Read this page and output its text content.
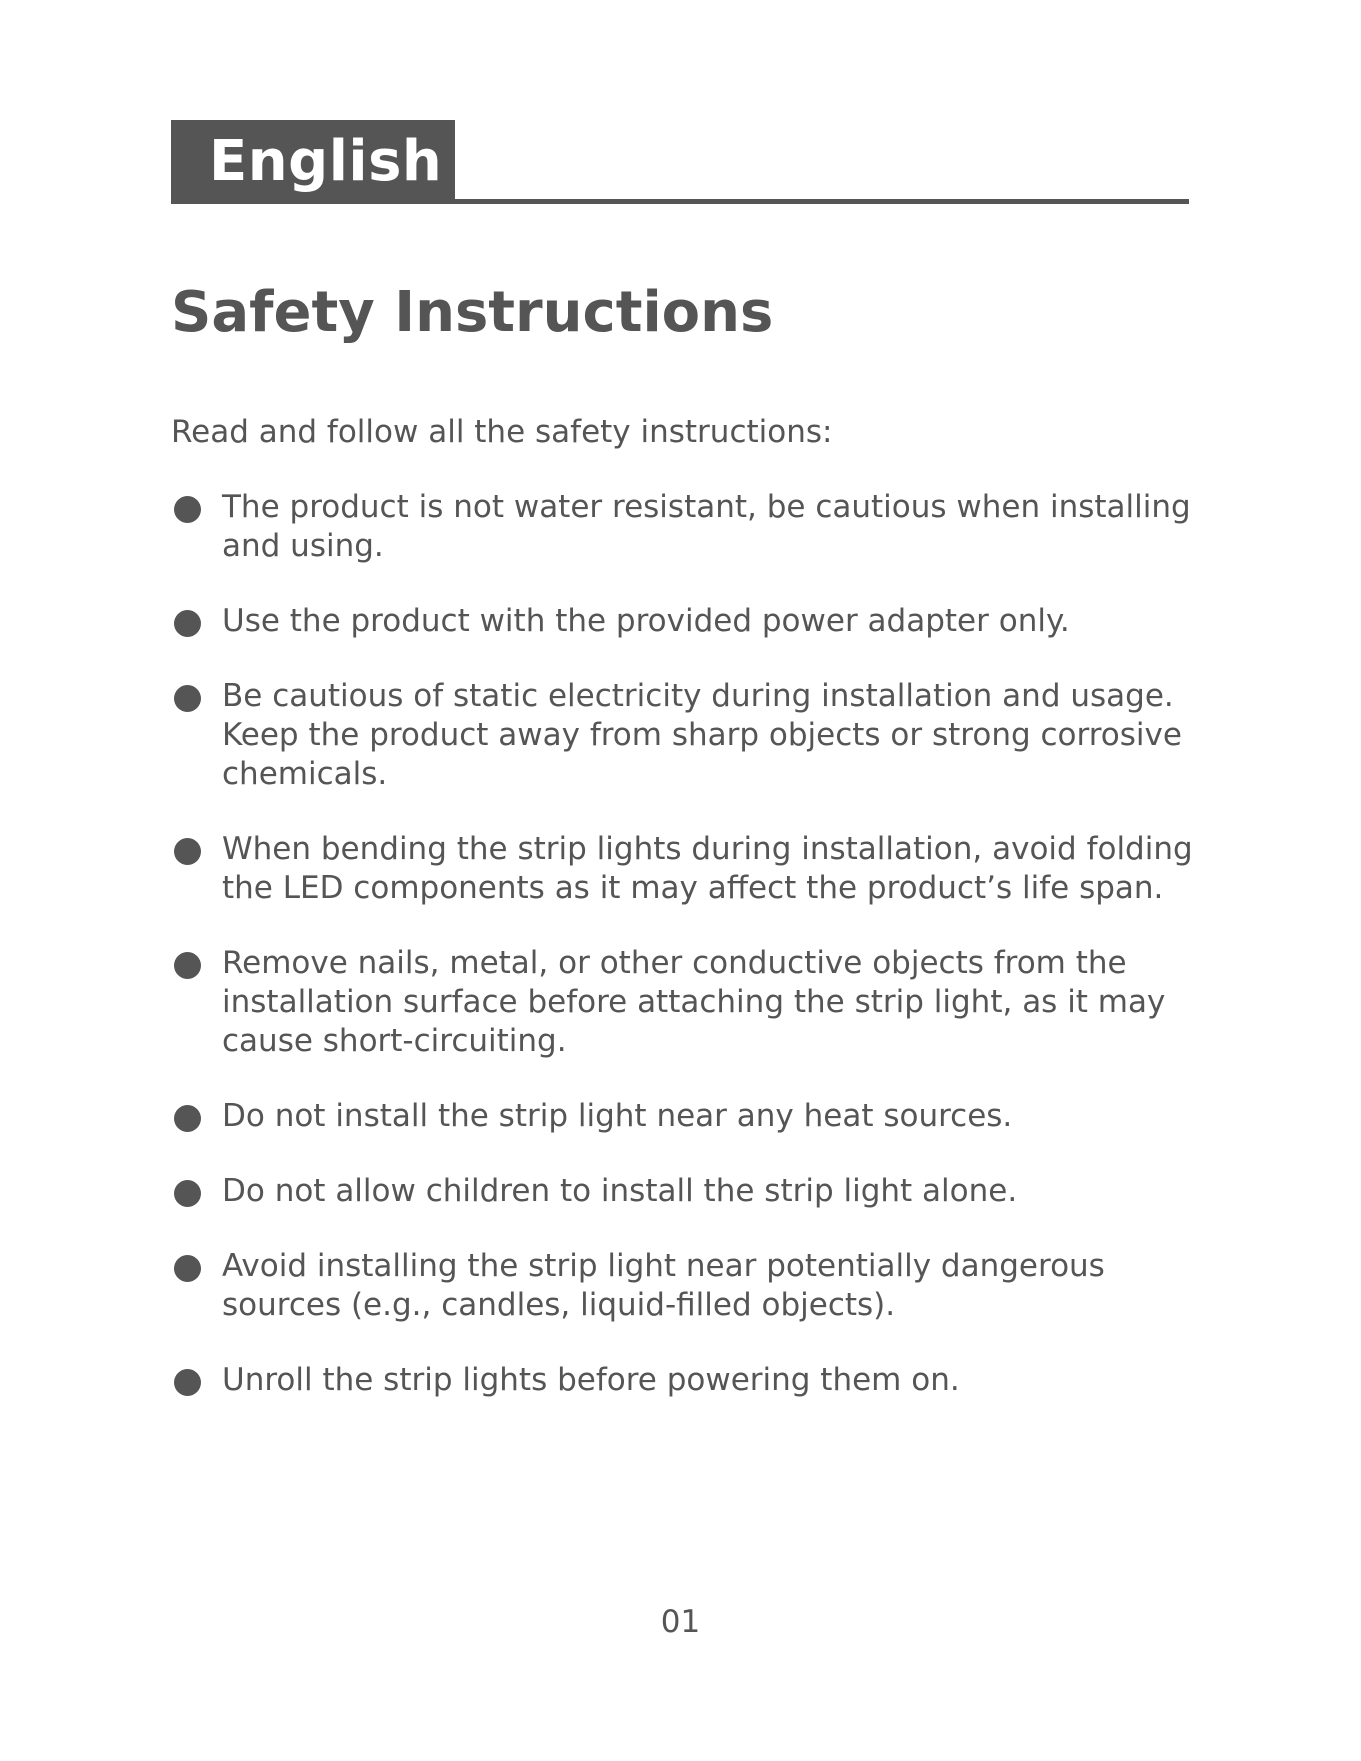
English
Safety Instructions
Read and follow all the safety instructions:
The product is not water resistant, be cautious when installing and using.
Use the product with the provided power adapter only.
Be cautious of static electricity during installation and usage. Keep the product away from sharp objects or strong corrosive chemicals.
When bending the strip lights during installation, avoid folding the LED components as it may affect the product’s life span.
Remove nails, metal, or other conductive objects from the installation surface before attaching the strip light, as it may cause short-circuiting.
Do not install the strip light near any heat sources.
Do not allow children to install the strip light alone.
Avoid installing the strip light near potentially dangerous sources (e.g., candles, liquid-filled objects).
Unroll the strip lights before powering them on.
01
